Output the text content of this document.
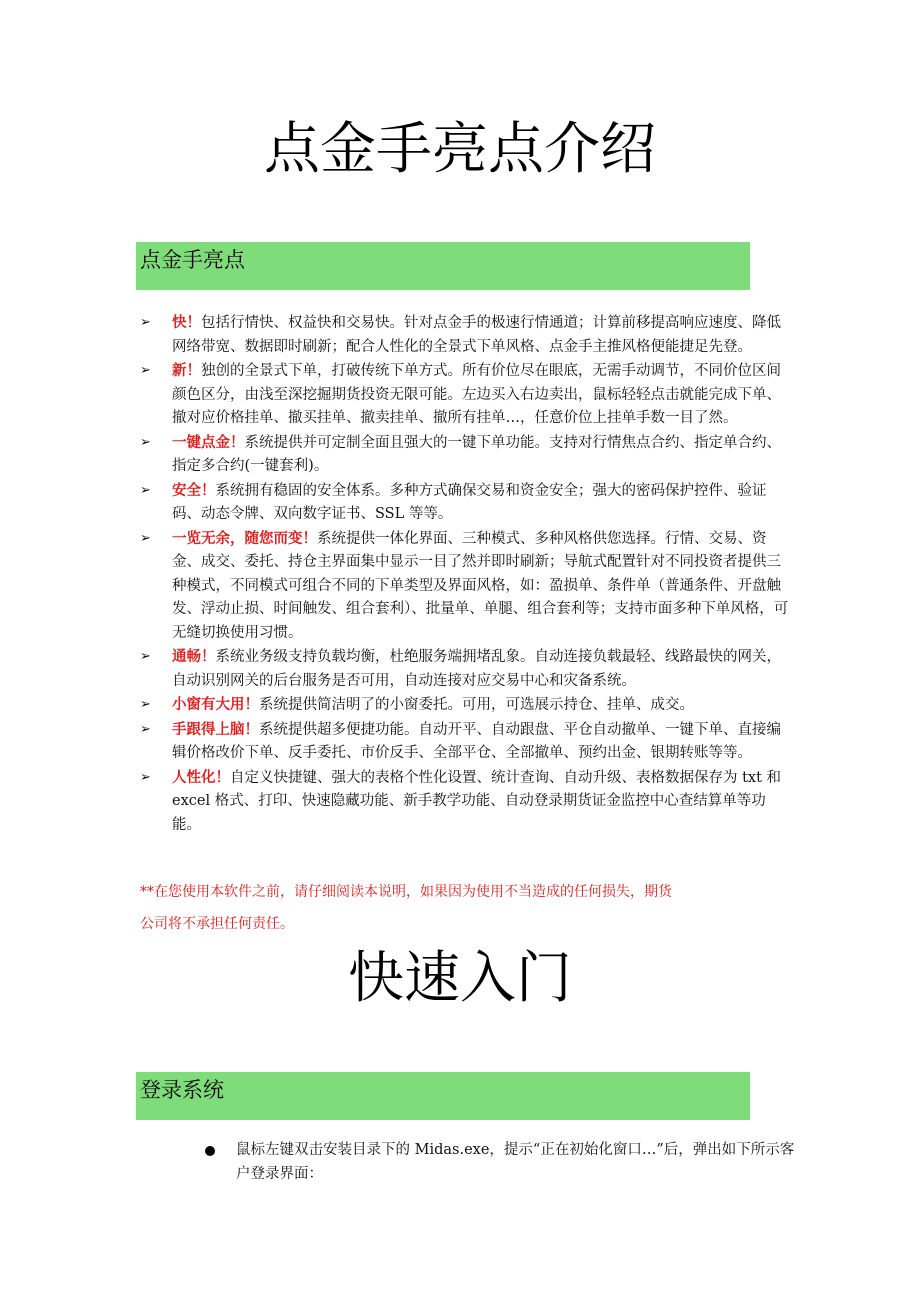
点金手亮点介绍
点金手亮点
➢ 快！包括行情快、权益快和交易快。针对点金手的极速行情通道；计算前移提高响应速度、降低网络带宽、数据即时刷新；配合人性化的全景式下单风格、点金手主推风格便能捷足先登。
➢ 新！独创的全景式下单，打破传统下单方式。所有价位尽在眼底，无需手动调节，不同价位区间颜色区分，由浅至深挖掘期货投资无限可能。左边买入右边卖出，鼠标轻轻点击就能完成下单、撤对应价格挂单、撤买挂单、撤卖挂单、撤所有挂单…，任意价位上挂单手数一目了然。
➢ 一键点金！系统提供并可定制全面且强大的一键下单功能。支持对行情焦点合约、指定单合约、指定多合约(一键套利)。
➢ 安全！系统拥有稳固的安全体系。多种方式确保交易和资金安全；强大的密码保护控件、验证码、动态令牌、双向数字证书、SSL 等等。
➢ 一览无余，随您而变！系统提供一体化界面、三种模式、多种风格供您选择。行情、交易、资金、成交、委托、持仓主界面集中显示一目了然并即时刷新；导航式配置针对不同投资者提供三种模式，不同模式可组合不同的下单类型及界面风格，如：盈损单、条件单（普通条件、开盘触发、浮动止损、时间触发、组合套利）、批量单、单腿、组合套利等；支持市面多种下单风格，可无缝切换使用习惯。
➢ 通畅！系统业务级支持负载均衡，杜绝服务端拥堵乱象。自动连接负载最轻、线路最快的网关，自动识别网关的后台服务是否可用，自动连接对应交易中心和灾备系统。
➢ 小窗有大用！系统提供简洁明了的小窗委托。可用，可选展示持仓、挂单、成交。
➢ 手跟得上脑！系统提供超多便捷功能。自动开平、自动跟盘、平仓自动撤单、一键下单、直接编辑价格改价下单、反手委托、市价反手、全部平仓、全部撤单、预约出金、银期转账等等。
➢ 人性化！自定义快捷键、强大的表格个性化设置、统计查询、自动升级、表格数据保存为 txt 和 excel 格式、打印、快速隐藏功能、新手教学功能、自动登录期货证金监控中心查结算单等功能。
**在您使用本软件之前，请仔细阅读本说明，如果因为使用不当造成的任何损失，期货
公司将不承担任何责任。
快速入门
登录系统
鼠标左键双击安装目录下的 Midas.exe，提示“正在初始化窗口…”后，弹出如下所示客户登录界面：
